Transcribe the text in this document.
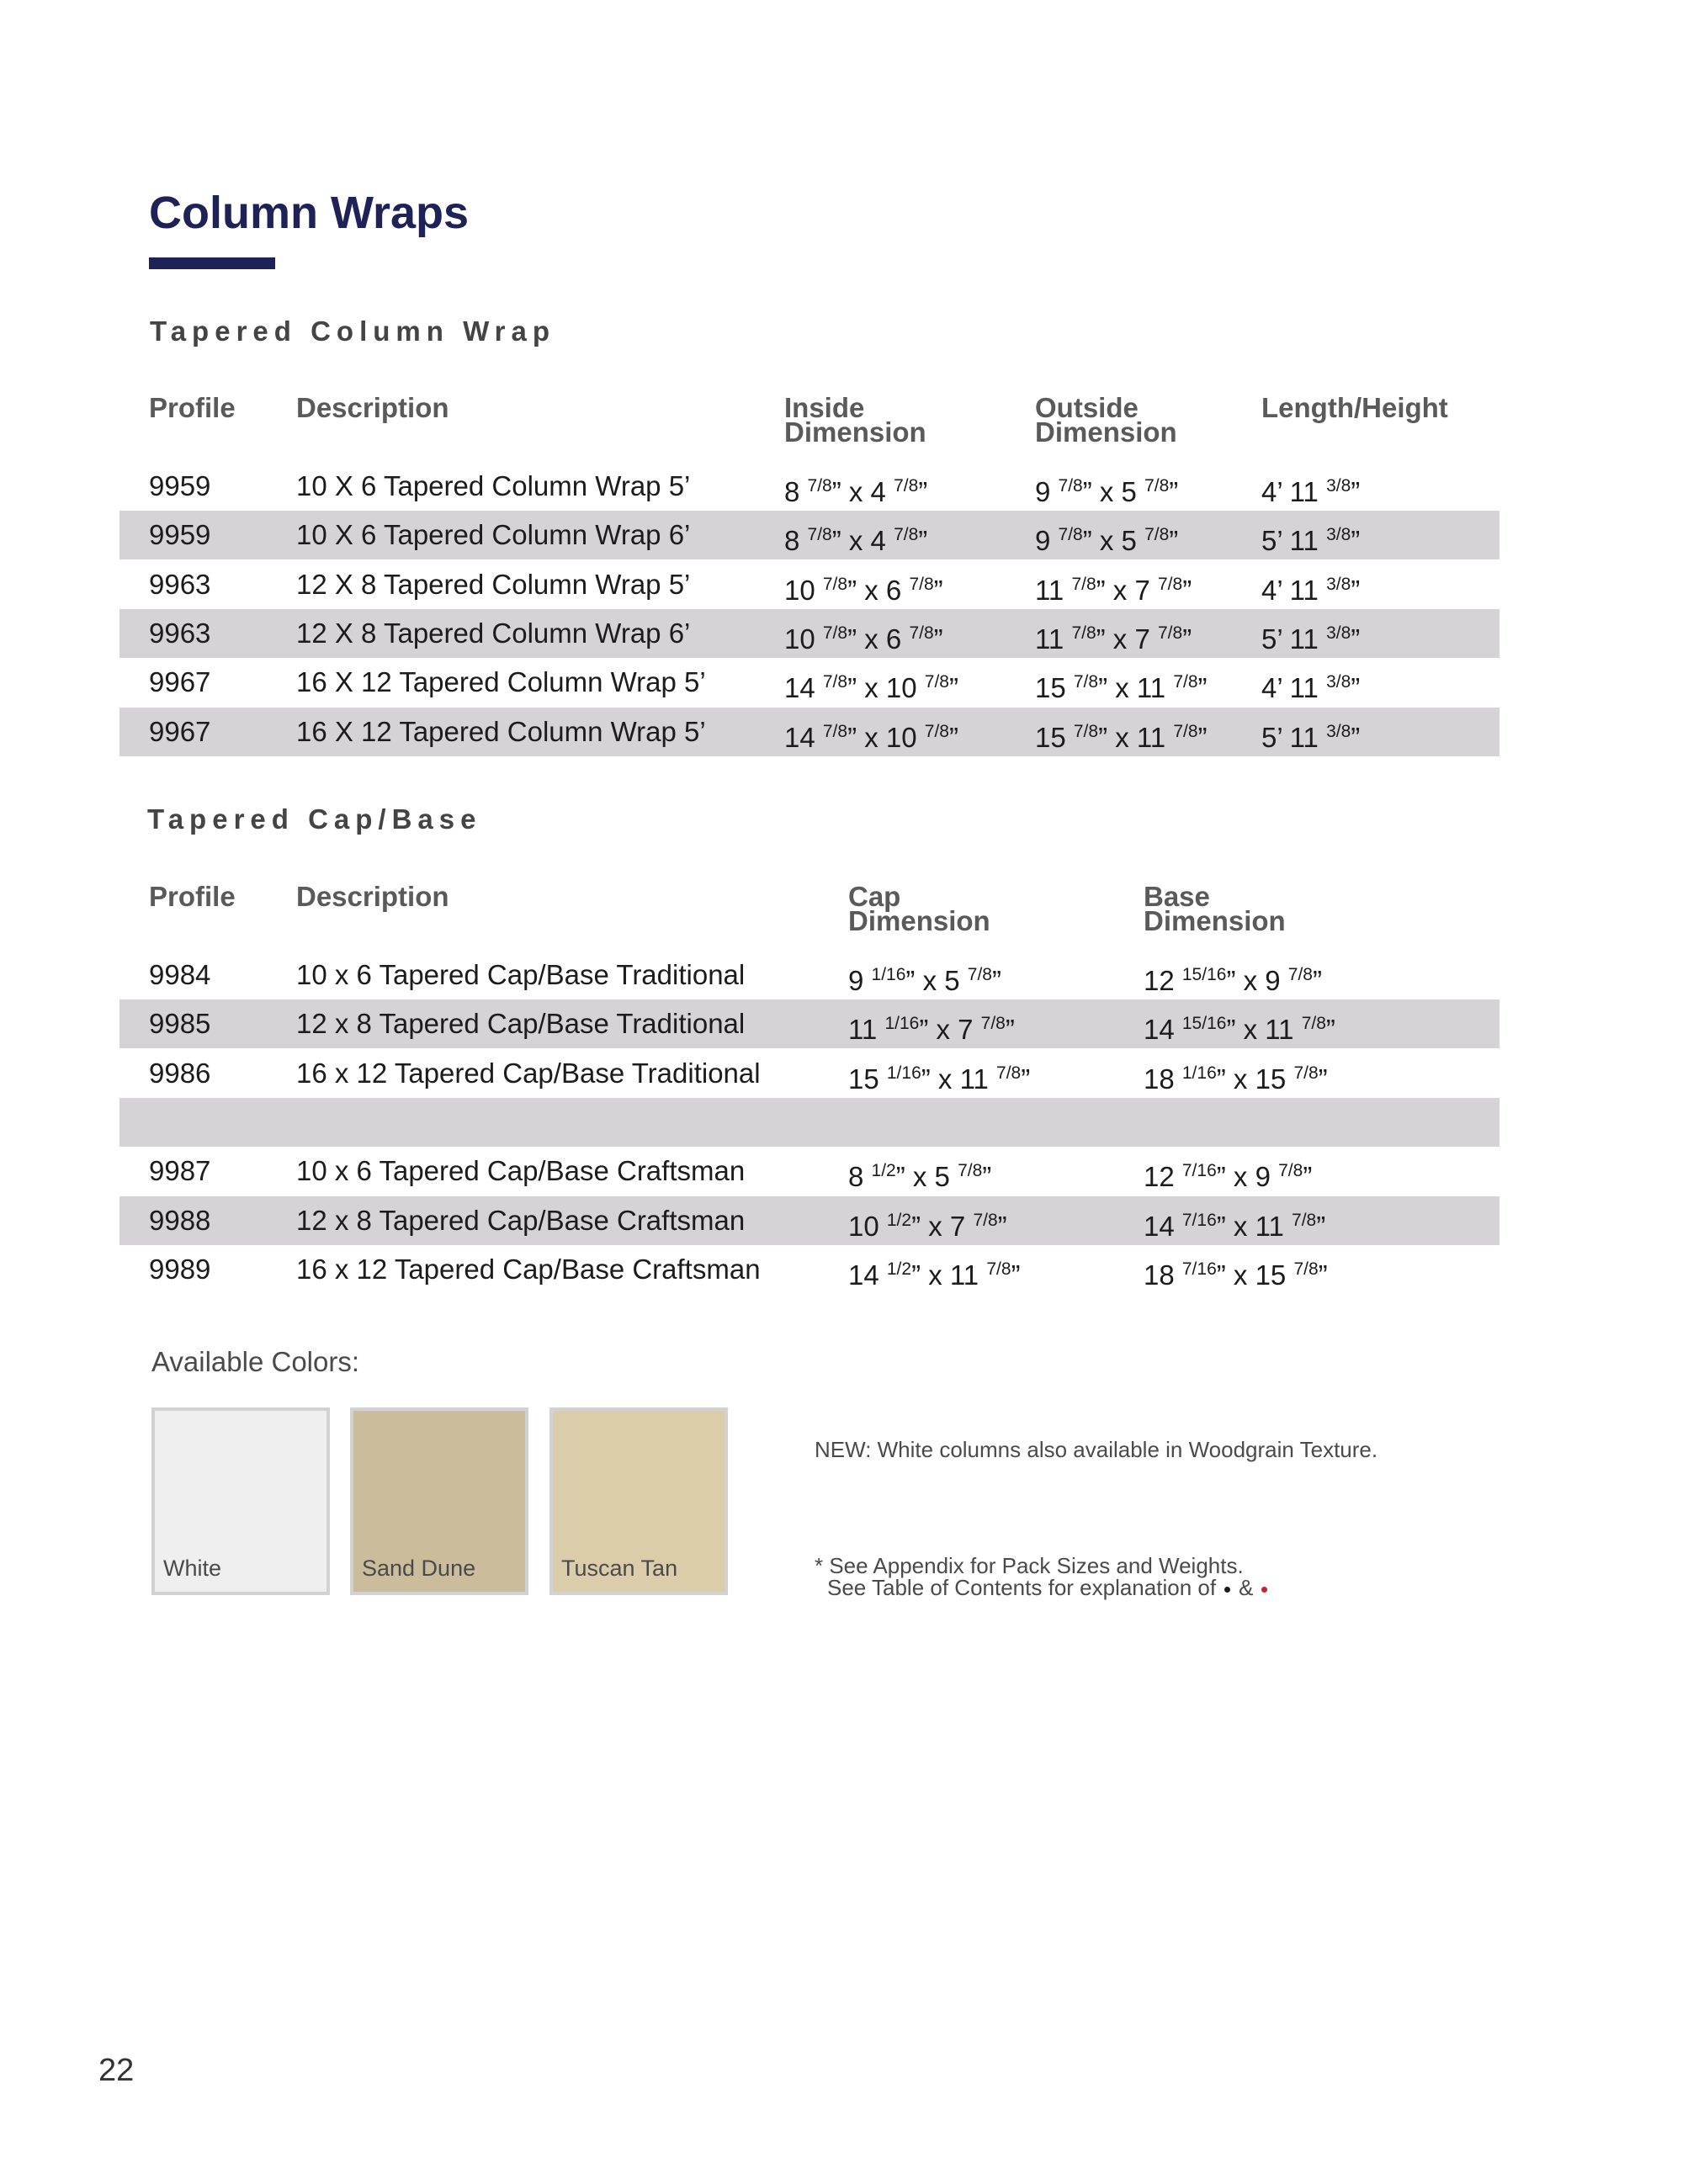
Column Wraps
Tapered Column Wrap
Profile Description	Inside
Dimension
Outside
Dimension
Length/Height
9959	10 X 6 Tapered Column Wrap 5’	8 $^{7/8}$” x 4 $^{7/8}$”	9 $^{7/8}$” x 5 $^{7/8}$”	4’ 11 $^{3/8}$”
9959	10 X 6 Tapered Column Wrap 6’	8 $^{7/8}$” x 4 $^{7/8}$”	9 $^{7/8}$” x 5 $^{7/8}$”	5’ 11 $^{3/8}$”
9963	12 X 8 Tapered Column Wrap 5’	10 $^{7/8}$” x 6 $^{7/8}$”	11 $^{7/8}$” x 7 $^{7/8}$”	4’ 11 $^{3/8}$”
9963	12 X 8 Tapered Column Wrap 6’	10 $^{7/8}$” x 6 $^{7/8}$”	11 $^{7/8}$” x 7 $^{7/8}$”	5’ 11 $^{3/8}$”
9967	16 X 12 Tapered Column Wrap 5’	14 $^{7/8}$” x 10 $^{7/8}$”	15 $^{7/8}$” x 11 $^{7/8}$” 4’ 11 $^{3/8}$”
9967	16 X 12 Tapered Column Wrap 5’	14 $^{7/8}$” x 10 $^{7/8}$”	15 $^{7/8}$” x 11 $^{7/8}$” 5’ 11 $^{3/8}$”
Tapered Cap/Base
Profile Description	Cap
Dimension
Base
Dimension
9984	10 x 6 Tapered Cap/Base Traditional	9 $^{1/16}$” x 5 $^{7/8}$”	12 $^{15/16}$” x 9 $^{7/8}$”
9985	12 x 8 Tapered Cap/Base Traditional	11 $^{1/16}$” x 7 $^{7/8}$”	14 $^{15/16}$” x 11 $^{7/8}$”
9986	16 x 12 Tapered Cap/Base Traditional	15 $^{1/16}$” x 11 $^{7/8}$”	18 $^{1/16}$” x 15 $^{7/8}$”
9987	10 x 6 Tapered Cap/Base Craftsman	8 $^{1/2}$” x 5 $^{7/8}$”	12 $^{7/16}$” x 9 $^{7/8}$”
9988	12 x 8 Tapered Cap/Base Craftsman	10 $^{1/2}$” x 7 $^{7/8}$”	14 $^{7/16}$” x 11 $^{7/8}$”
9989	16 x 12 Tapered Cap/Base Craftsman	14 $^{1/2}$” x 11 $^{7/8}$”	18 $^{7/16}$” x 15 $^{7/8}$”
Available Colors:
White	Sand Dune	Tuscan Tan
NEW: White columns also available in Woodgrain Texture.
* See Appendix for Pack Sizes and Weights.
See Table of Contents for explanation of &
22
